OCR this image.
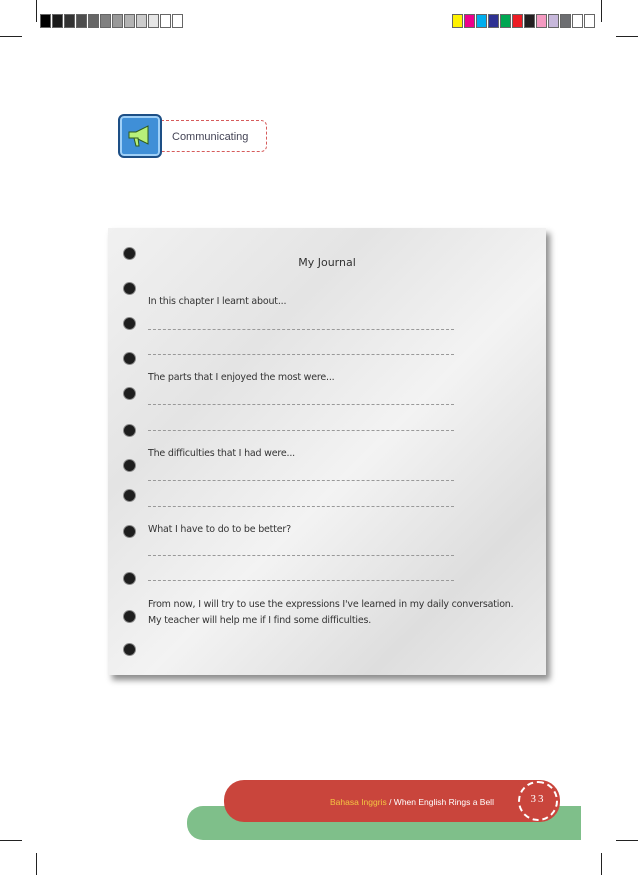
Communicating
My Journal
In this chapter I learnt about...
The parts that I enjoyed the most were...
The difficulties that I had were...
What I have to do to be better?
From now, I will try to use the expressions I've learned in my daily conversation.
My teacher will help me if I find some difficulties.
Bahasa Inggris / When English Rings a Bell	33
